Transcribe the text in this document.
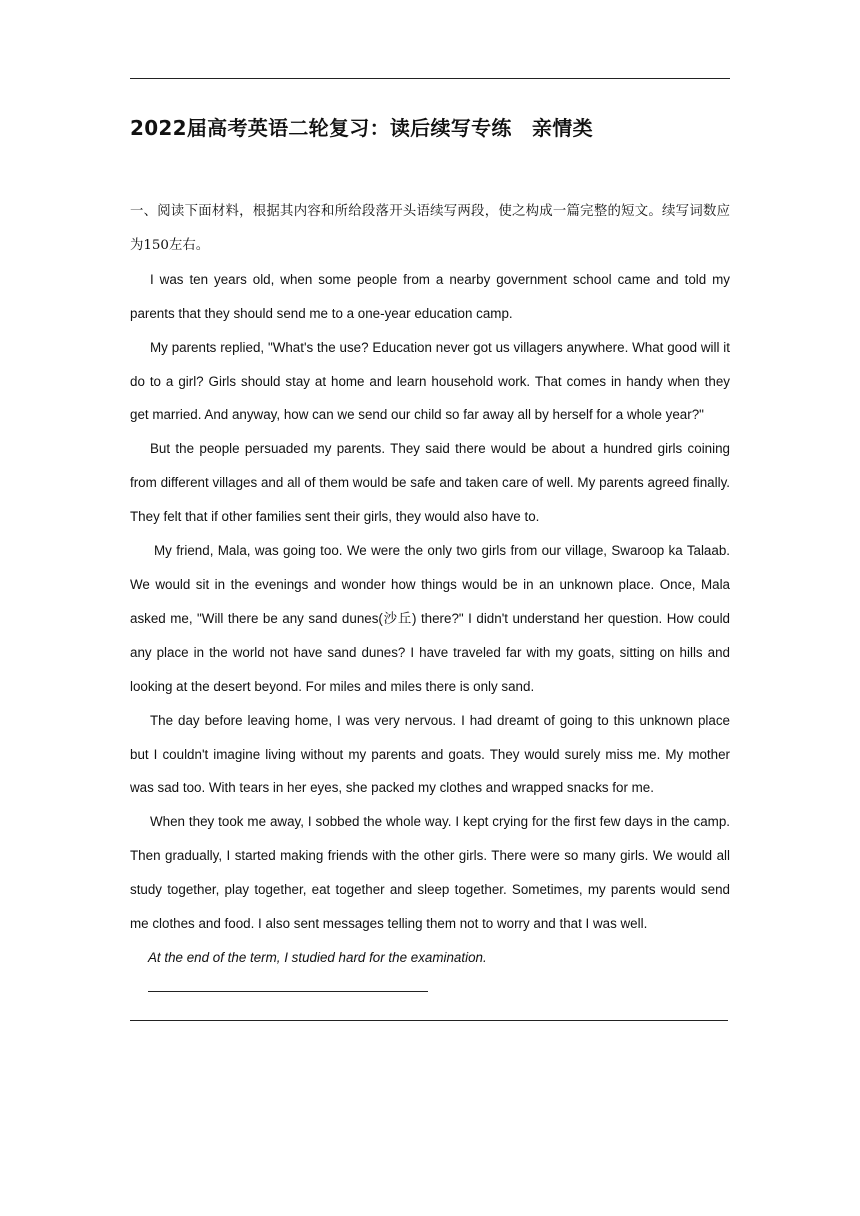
2022届高考英语二轮复习：读后续写专练　亲情类

一、阅读下面材料，根据其内容和所给段落开头语续写两段，使之构成一篇完整的短文。续写词数应为150左右。

I was ten years old, when some people from a nearby government school came and told my parents that they should send me to a one-year education camp.

My parents replied, "What's the use? Education never got us villagers anywhere. What good will it do to a girl? Girls should stay at home and learn household work. That comes in handy when they get married. And anyway, how can we send our child so far away all by herself for a whole year?"

But the people persuaded my parents. They said there would be about a hundred girls coining from different villages and all of them would be safe and taken care of well. My parents agreed finally. They felt that if other families sent their girls, they would also have to.

My friend, Mala, was going too. We were the only two girls from our village, Swaroop ka Talaab. We would sit in the evenings and wonder how things would be in an unknown place. Once, Mala asked me, "Will there be any sand dunes(沙丘) there?" I didn't understand her question. How could any place in the world not have sand dunes? I have traveled far with my goats, sitting on hills and looking at the desert beyond. For miles and miles there is only sand.

The day before leaving home, I was very nervous. I had dreamt of going to this unknown place but I couldn't imagine living without my parents and goats. They would surely miss me. My mother was sad too. With tears in her eyes, she packed my clothes and wrapped snacks for me.

When they took me away, I sobbed the whole way. I kept crying for the first few days in the camp. Then gradually, I started making friends with the other girls. There were so many girls. We would all study together, play together, eat together and sleep together. Sometimes, my parents would send me clothes and food. I also sent messages telling them not to worry and that I was well.

At the end of the term, I studied hard for the examination.
